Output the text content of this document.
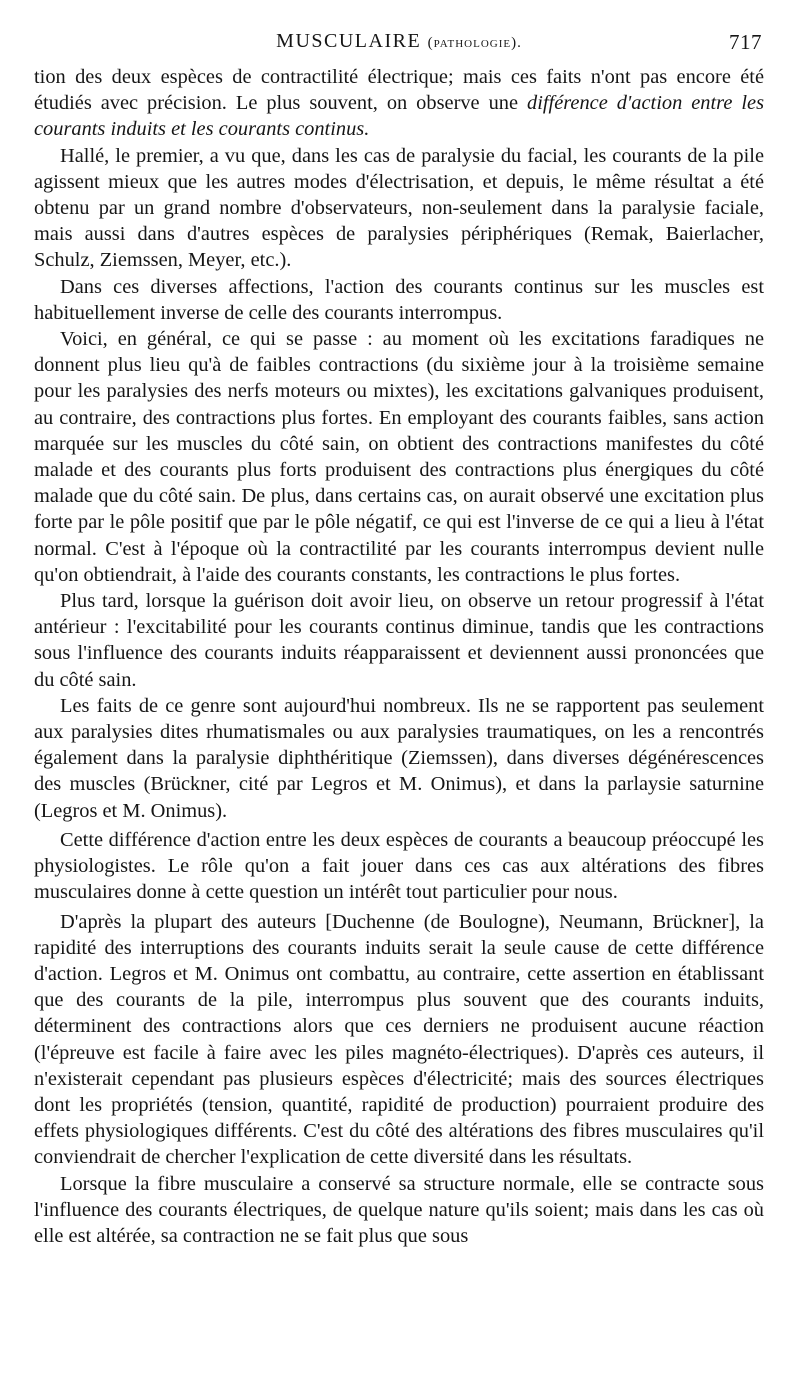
MUSCULAIRE (pathologie).	717

tion des deux espèces de contractilité électrique; mais ces faits n'ont pas encore été étudiés avec précision. Le plus souvent, on observe une différence d'action entre les courants induits et les courants continus.

Hallé, le premier, a vu que, dans les cas de paralysie du facial, les courants de la pile agissent mieux que les autres modes d'électrisation, et depuis, le même résultat a été obtenu par un grand nombre d'observateurs, non-seulement dans la paralysie faciale, mais aussi dans d'autres espèces de paralysies périphériques (Remak, Baierlacher, Schulz, Ziemssen, Meyer, etc.).

Dans ces diverses affections, l'action des courants continus sur les muscles est habituellement inverse de celle des courants interrompus.

Voici, en général, ce qui se passe : au moment où les excitations faradiques ne donnent plus lieu qu'à de faibles contractions (du sixième jour à la troisième semaine pour les paralysies des nerfs moteurs ou mixtes), les excitations galvaniques produisent, au contraire, des contractions plus fortes. En employant des courants faibles, sans action marquée sur les muscles du côté sain, on obtient des contractions manifestes du côté malade et des courants plus forts produisent des contractions plus énergiques du côté malade que du côté sain. De plus, dans certains cas, on aurait observé une excitation plus forte par le pôle positif que par le pôle négatif, ce qui est l'inverse de ce qui a lieu à l'état normal. C'est à l'époque où la contractilité par les courants interrompus devient nulle qu'on obtiendrait, à l'aide des courants constants, les contractions le plus fortes.

Plus tard, lorsque la guérison doit avoir lieu, on observe un retour progressif à l'état antérieur : l'excitabilité pour les courants continus diminue, tandis que les contractions sous l'influence des courants induits réapparaissent et deviennent aussi prononcées que du côté sain.

Les faits de ce genre sont aujourd'hui nombreux. Ils ne se rapportent pas seulement aux paralysies dites rhumatismales ou aux paralysies traumatiques, on les a rencontrés également dans la paralysie diphthéritique (Ziemssen), dans diverses dégénérescences des muscles (Brückner, cité par Legros et M. Onimus), et dans la parlaysie saturnine (Legros et M. Onimus).

Cette différence d'action entre les deux espèces de courants a beaucoup préoccupé les physiologistes. Le rôle qu'on a fait jouer dans ces cas aux altérations des fibres musculaires donne à cette question un intérêt tout particulier pour nous.

D'après la plupart des auteurs [Duchenne (de Boulogne), Neumann, Brückner], la rapidité des interruptions des courants induits serait la seule cause de cette différence d'action. Legros et M. Onimus ont combattu, au contraire, cette assertion en établissant que des courants de la pile, interrompus plus souvent que des courants induits, déterminent des contractions alors que ces derniers ne produisent aucune réaction (l'épreuve est facile à faire avec les piles magnéto-électriques). D'après ces auteurs, il n'existerait cependant pas plusieurs espèces d'électricité; mais des sources électriques dont les propriétés (tension, quantité, rapidité de production) pourraient produire des effets physiologiques différents. C'est du côté des altérations des fibres musculaires qu'il conviendrait de chercher l'explication de cette diversité dans les résultats.

Lorsque la fibre musculaire a conservé sa structure normale, elle se contracte sous l'influence des courants électriques, de quelque nature qu'ils soient; mais dans les cas où elle est altérée, sa contraction ne se fait plus que sous
